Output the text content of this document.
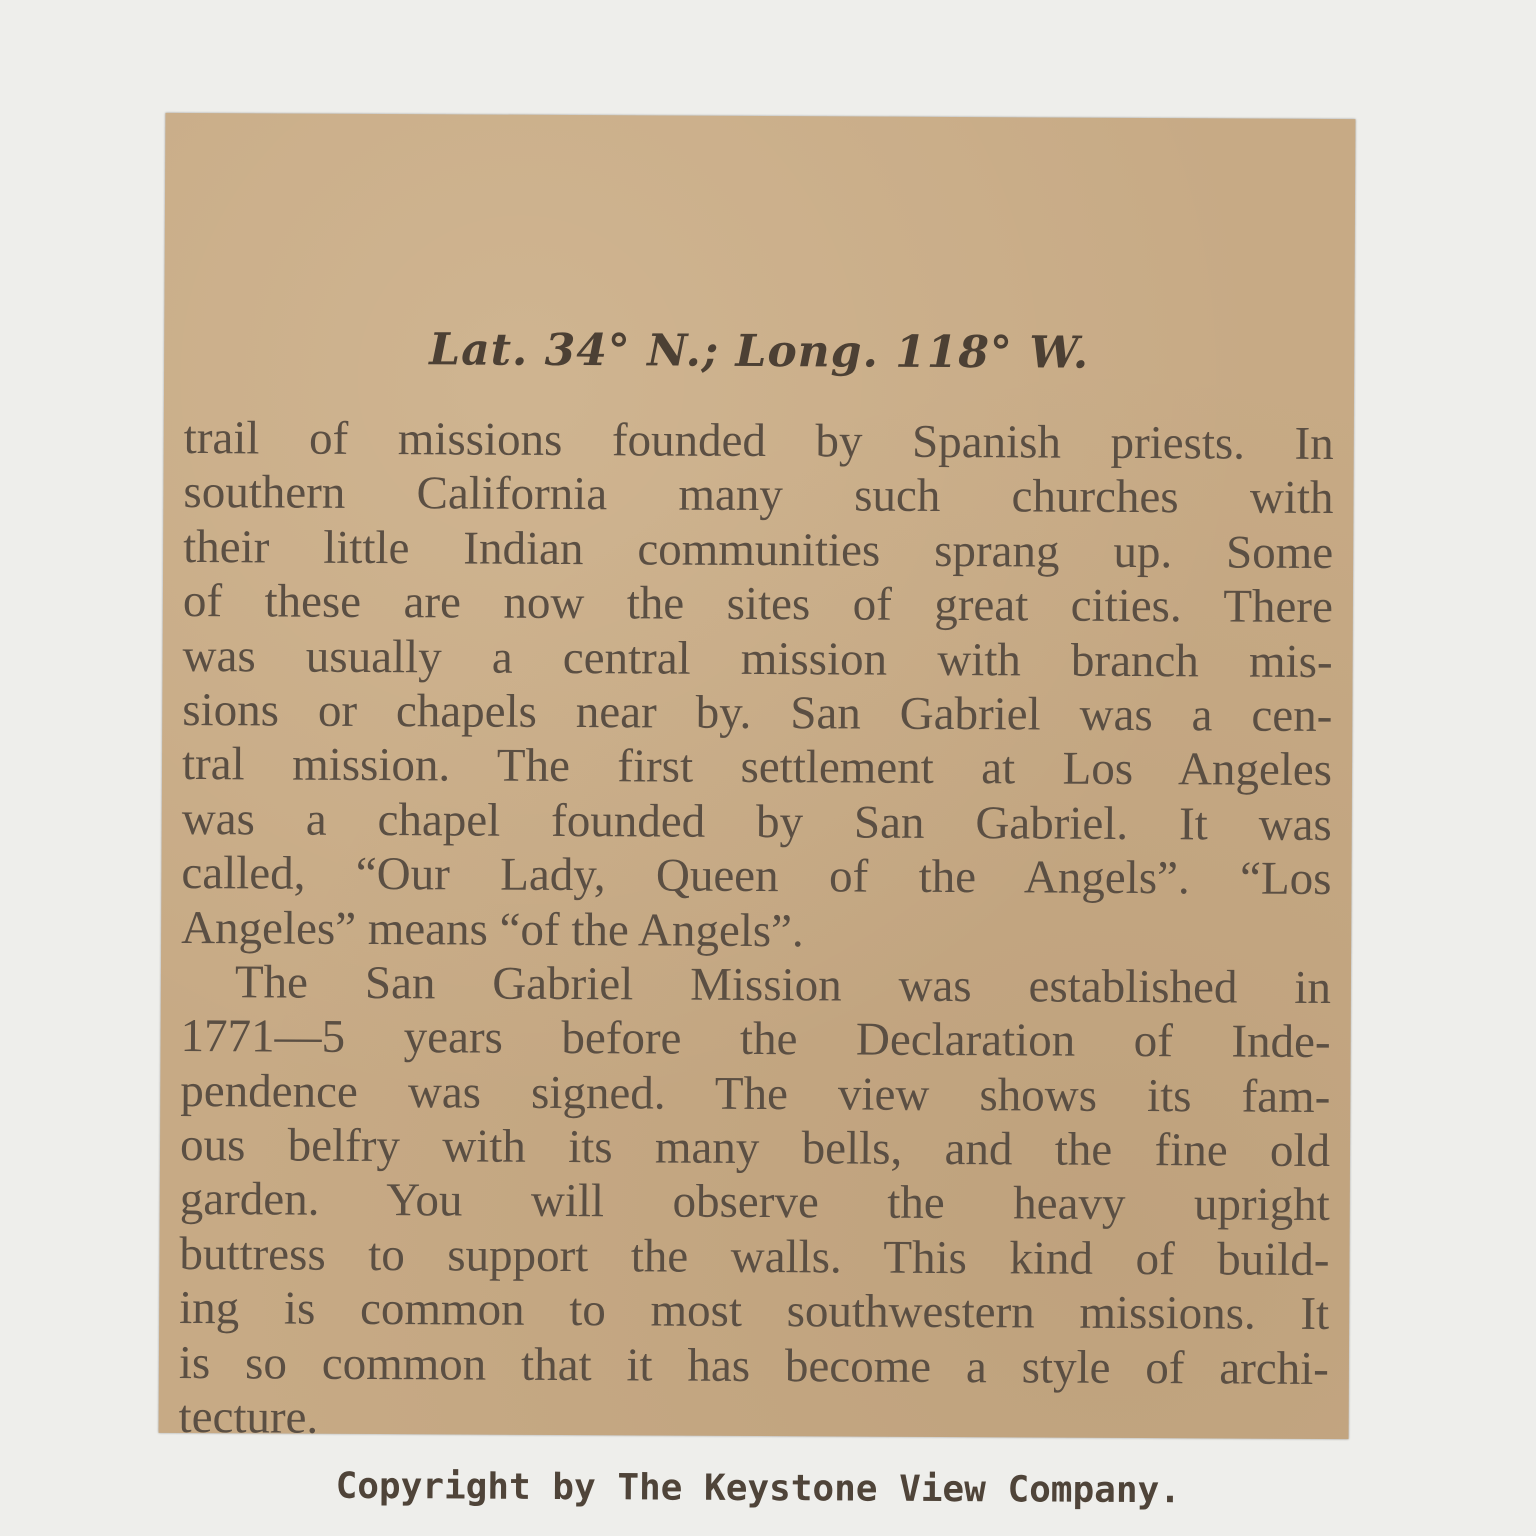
Lat. 34° N.; Long. 118° W.
trail of missions founded by Spanish priests. In
southern California many such churches with
their little Indian communities sprang up. Some
of these are now the sites of great cities. There
was usually a central mission with branch mis-
sions or chapels near by. San Gabriel was a cen-
tral mission. The first settlement at Los Angeles
was a chapel founded by San Gabriel. It was
called, “Our Lady, Queen of the Angels”. “Los
Angeles” means “of the Angels”.
The San Gabriel Mission was established in
1771—5 years before the Declaration of Inde-
pendence was signed. The view shows its fam-
ous belfry with its many bells, and the fine old
garden. You will observe the heavy upright
buttress to support the walls. This kind of build-
ing is common to most southwestern missions. It
is so common that it has become a style of archi-
tecture.

Copyright by The Keystone View Company.
